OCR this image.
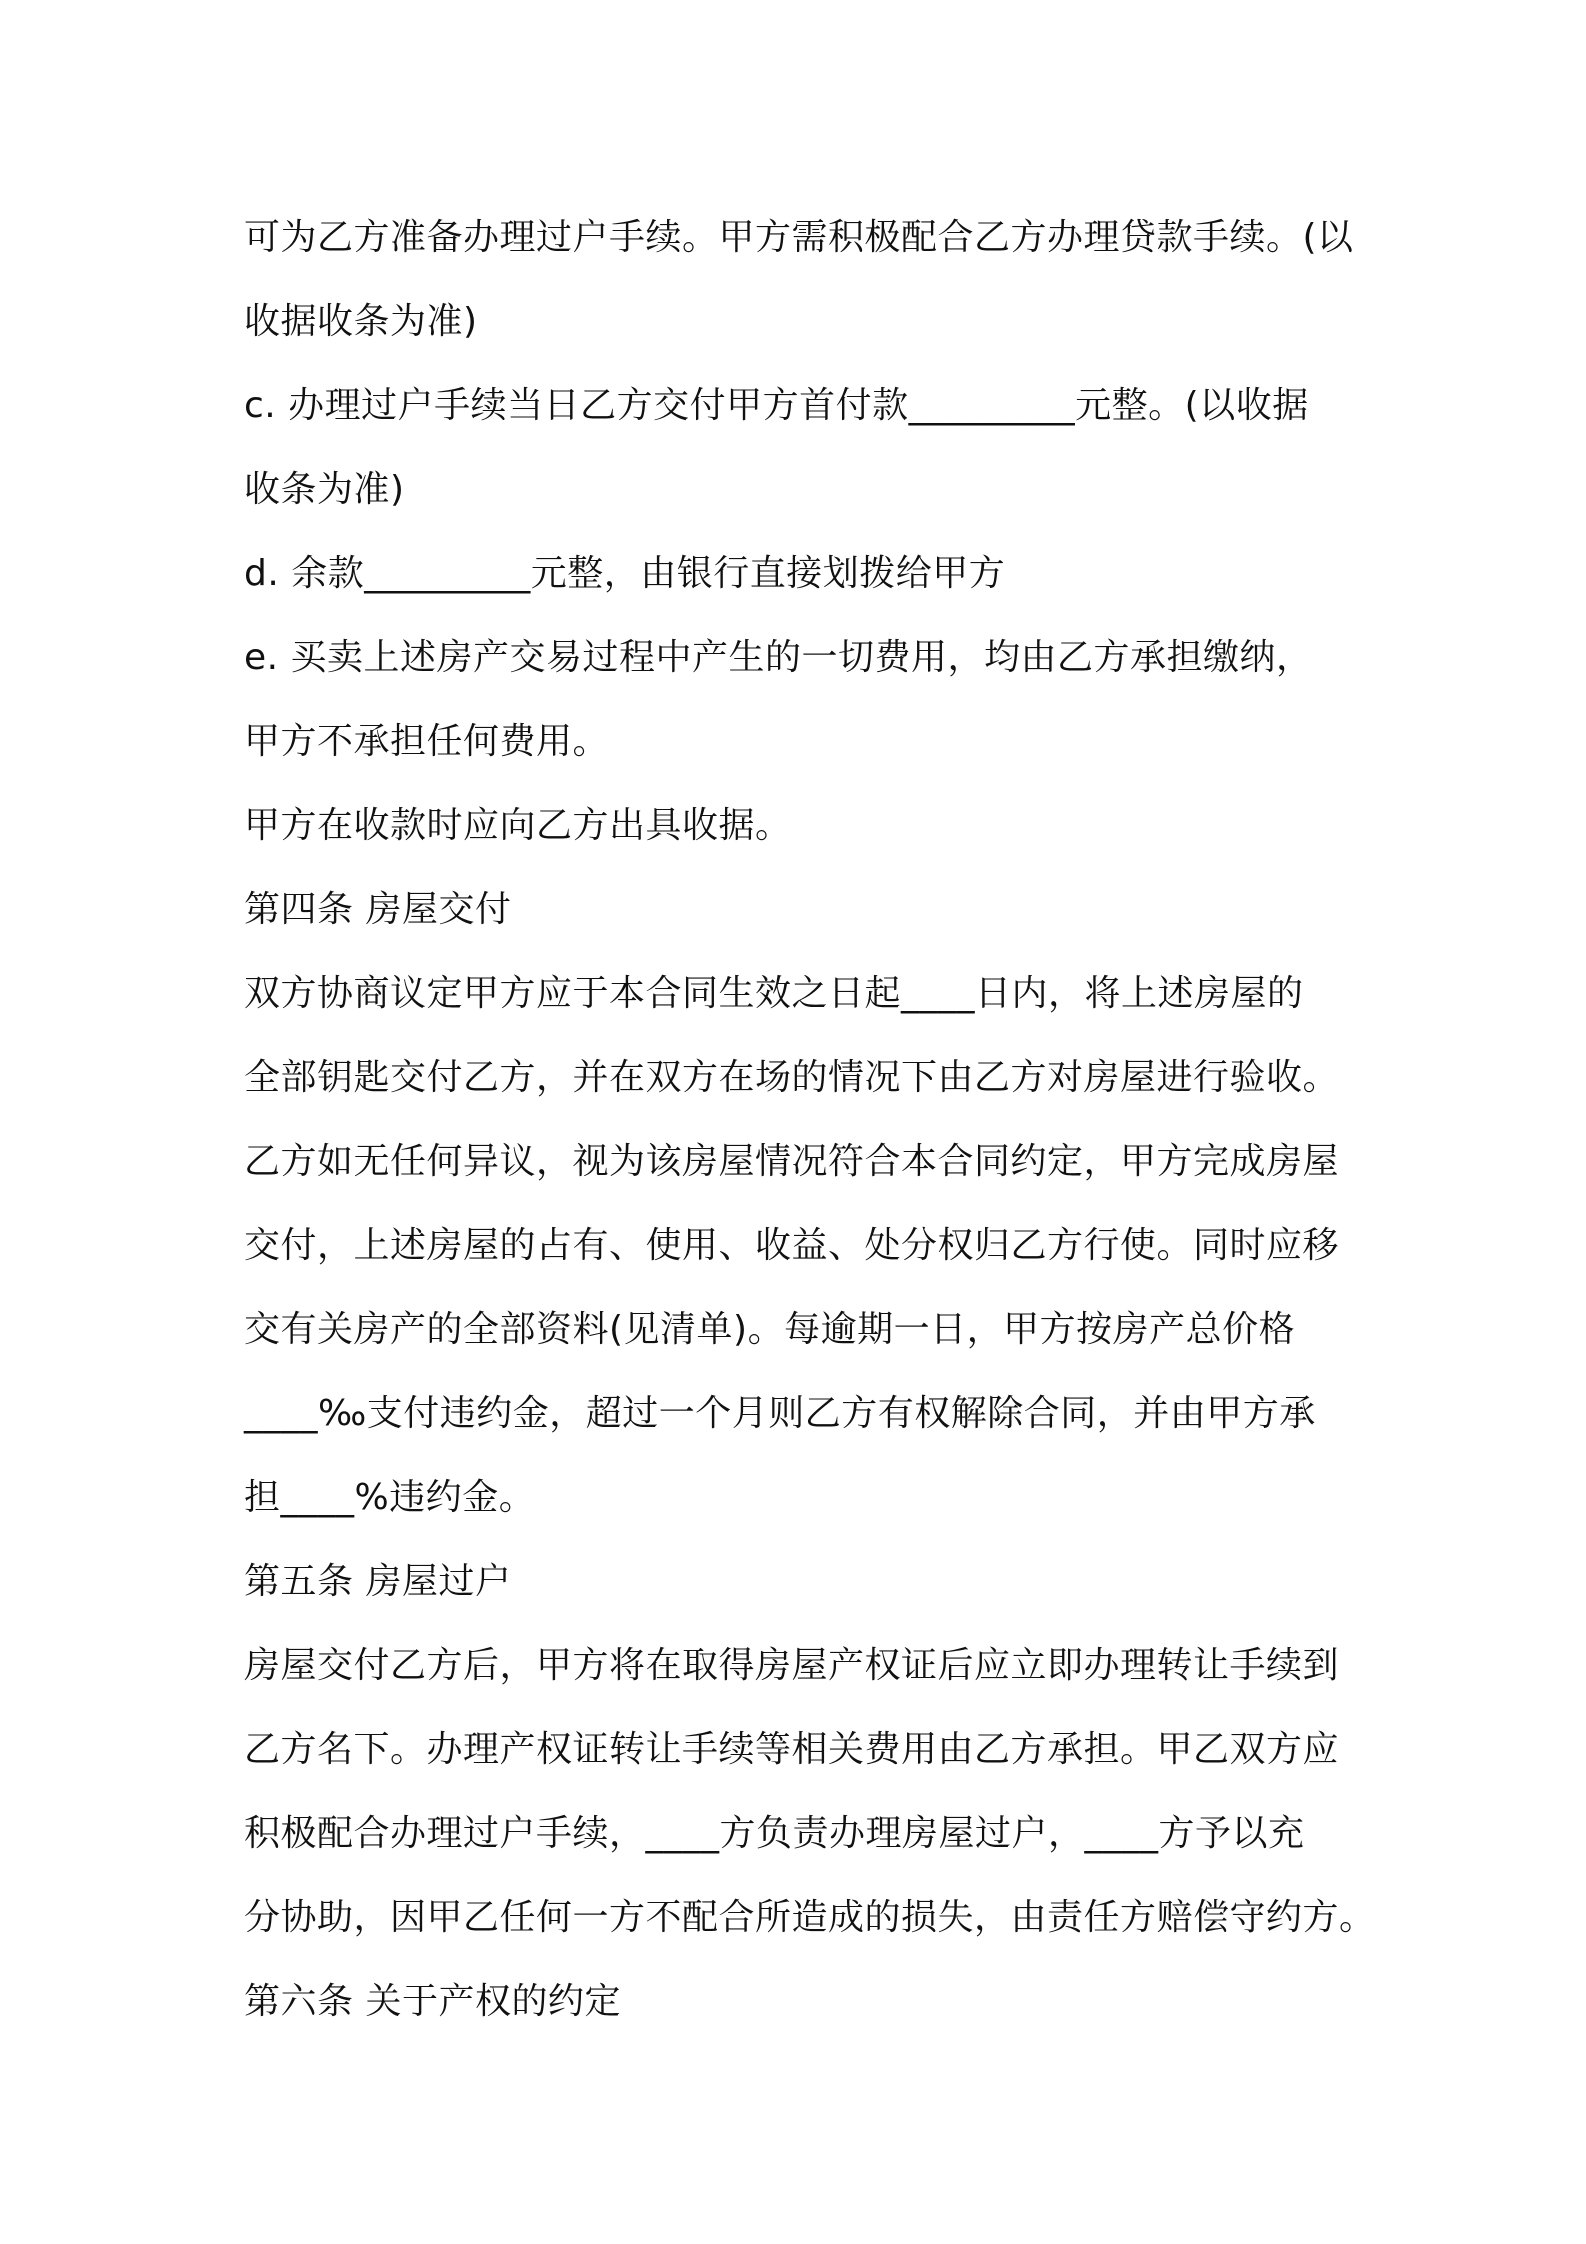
可为乙方准备办理过户手续。甲方需积极配合乙方办理贷款手续。(以
收据收条为准)
c. 办理过户手续当日乙方交付甲方首付款_________元整。(以收据
收条为准)
d. 余款_________元整，由银行直接划拨给甲方
e. 买卖上述房产交易过程中产生的一切费用，均由乙方承担缴纳，
甲方不承担任何费用。
甲方在收款时应向乙方出具收据。
第四条 房屋交付
双方协商议定甲方应于本合同生效之日起____日内，将上述房屋的
全部钥匙交付乙方，并在双方在场的情况下由乙方对房屋进行验收。
乙方如无任何异议，视为该房屋情况符合本合同约定，甲方完成房屋
交付，上述房屋的占有、使用、收益、处分权归乙方行使。同时应移
交有关房产的全部资料(见清单)。每逾期一日，甲方按房产总价格
____‰支付违约金，超过一个月则乙方有权解除合同，并由甲方承
担____%违约金。
第五条 房屋过户
房屋交付乙方后，甲方将在取得房屋产权证后应立即办理转让手续到
乙方名下。办理产权证转让手续等相关费用由乙方承担。甲乙双方应
积极配合办理过户手续，____方负责办理房屋过户，____方予以充
分协助，因甲乙任何一方不配合所造成的损失，由责任方赔偿守约方。
第六条 关于产权的约定
